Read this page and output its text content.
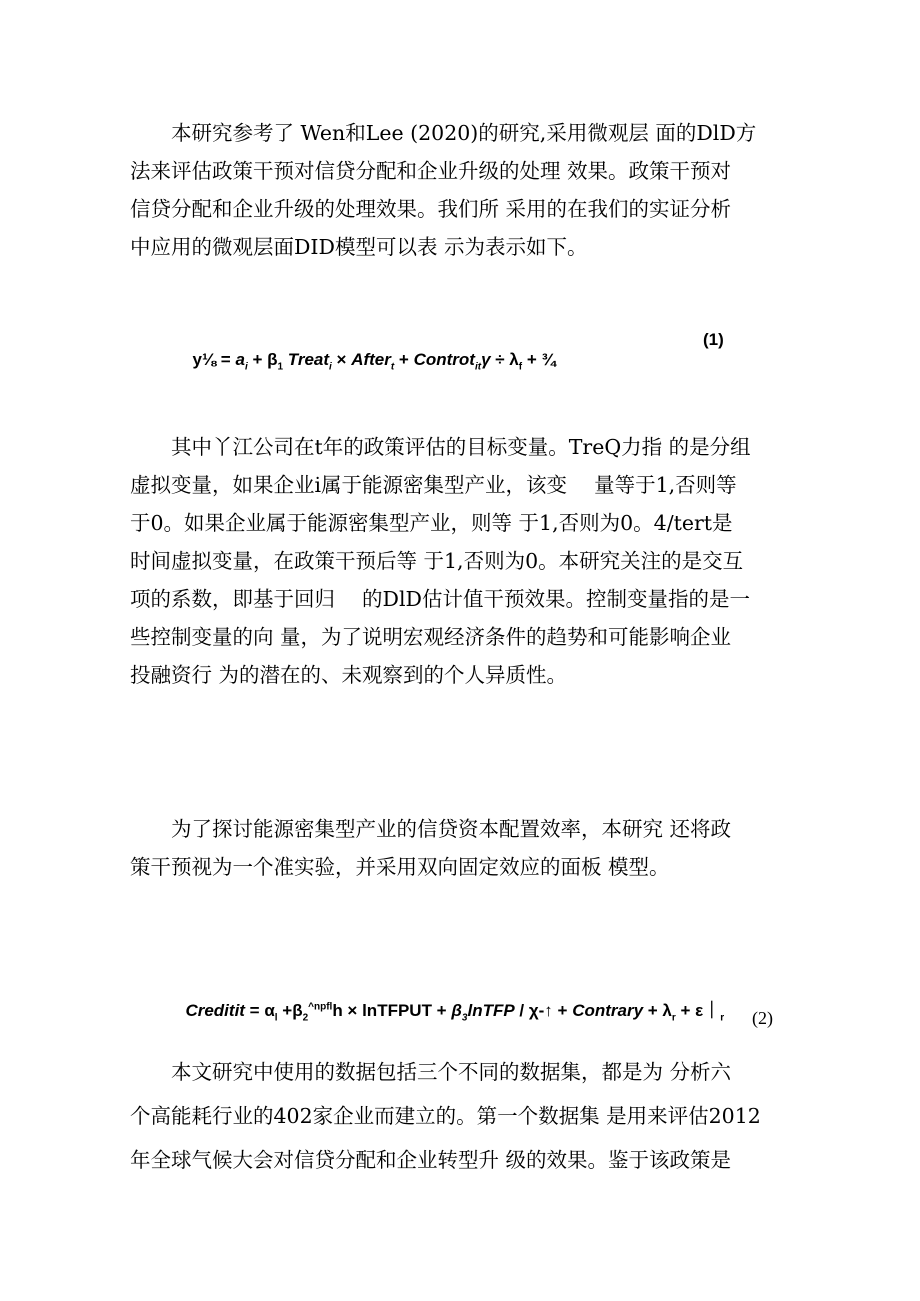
　　本研究参考了 Wen和Lee (2020)的研究,采用微观层 面的DlD方
法来评估政策干预对信贷分配和企业升级的处理 效果。政策干预对
信贷分配和企业升级的处理效果。我们所 采用的在我们的实证分析
中应用的微观层面DID模型可以表 示为表示如下。

y⅛ = $a_i + \beta_1$ Treat$_i$ × After$_t$ + Controt$_{it}$γ ÷ $\lambda_f$ + ¾

(1)
　　其中丫江公司在t年的政策评估的目标变量。TreQ力指 的是分组
虚拟变量，如果企业i属于能源密集型产业，该变　 量等于1,否则等
于0。如果企业属于能源密集型产业，则等 于1,否则为0。4/tert是
时间虚拟变量，在政策干预后等 于1,否则为0。本研究关注的是交互
项的系数，即基于回归　 的DlD估计值干预效果。控制变量指的是一
些控制变量的向 量，为了说明宏观经济条件的趋势和可能影响企业
投融资行 为的潜在的、未观察到的个人异质性。
　　为了探讨能源密集型产业的信贷资本配置效率，本研究 还将政
策干预视为一个准实验，并采用双向固定效应的面板 模型。

Creditit = $\alpha_l +\beta_2^{\^{}npfl}h$ × lnTFPUT + $\beta_3lnTFP$ / χ-↑ + Contrary + $\lambda_r$ + $\varepsilon|_r$ (2)
　　本文研究中使用的数据包括三个不同的数据集，都是为 分析六
个高能耗行业的402家企业而建立的。第一个数据集 是用来评估2012
年全球气候大会对信贷分配和企业转型升 级的效果。鉴于该政策是
